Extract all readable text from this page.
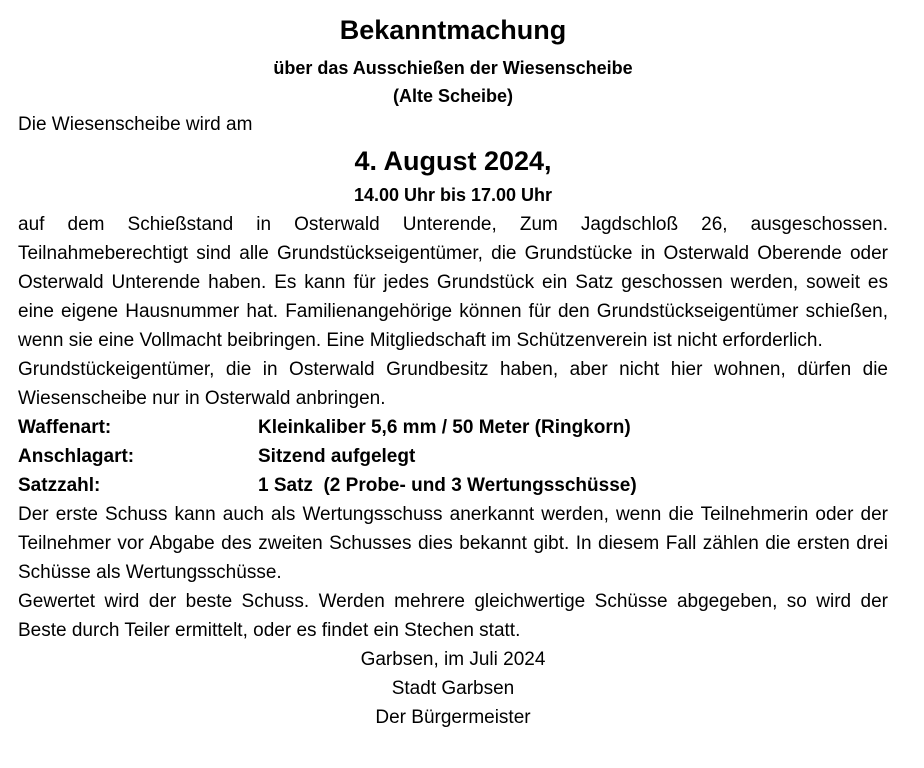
Bekanntmachung
über das Ausschießen der Wiesenscheibe
(Alte Scheibe)

Die Wiesenscheibe wird am

4. August 2024,
14.00 Uhr bis 17.00 Uhr

auf dem Schießstand in Osterwald Unterende, Zum Jagdschloß 26, ausgeschossen. Teilnahmeberechtigt sind alle Grundstückseigentümer, die Grundstücke in Osterwald Oberende oder Osterwald Unterende haben. Es kann für jedes Grundstück ein Satz geschossen werden, soweit es eine eigene Hausnummer hat. Familienangehörige können für den Grundstückseigentümer schießen, wenn sie eine Vollmacht beibringen. Eine Mitgliedschaft im Schützenverein ist nicht erforderlich.

Grundstückeigentümer, die in Osterwald Grundbesitz haben, aber nicht hier wohnen, dürfen die Wiesenscheibe nur in Osterwald anbringen.

Waffenart:	Kleinkaliber 5,6 mm / 50 Meter (Ringkorn)
Anschlagart:	Sitzend aufgelegt
Satzzahl:	1 Satz  (2 Probe- und 3 Wertungsschüsse)

Der erste Schuss kann auch als Wertungsschuss anerkannt werden, wenn die Teilnehmerin oder der Teilnehmer vor Abgabe des zweiten Schusses dies bekannt gibt. In diesem Fall zählen die ersten drei Schüsse als Wertungsschüsse.

Gewertet wird der beste Schuss. Werden mehrere gleichwertige Schüsse abgegeben, so wird der Beste durch Teiler ermittelt, oder es findet ein Stechen statt.

Garbsen, im Juli 2024
Stadt Garbsen
Der Bürgermeister
